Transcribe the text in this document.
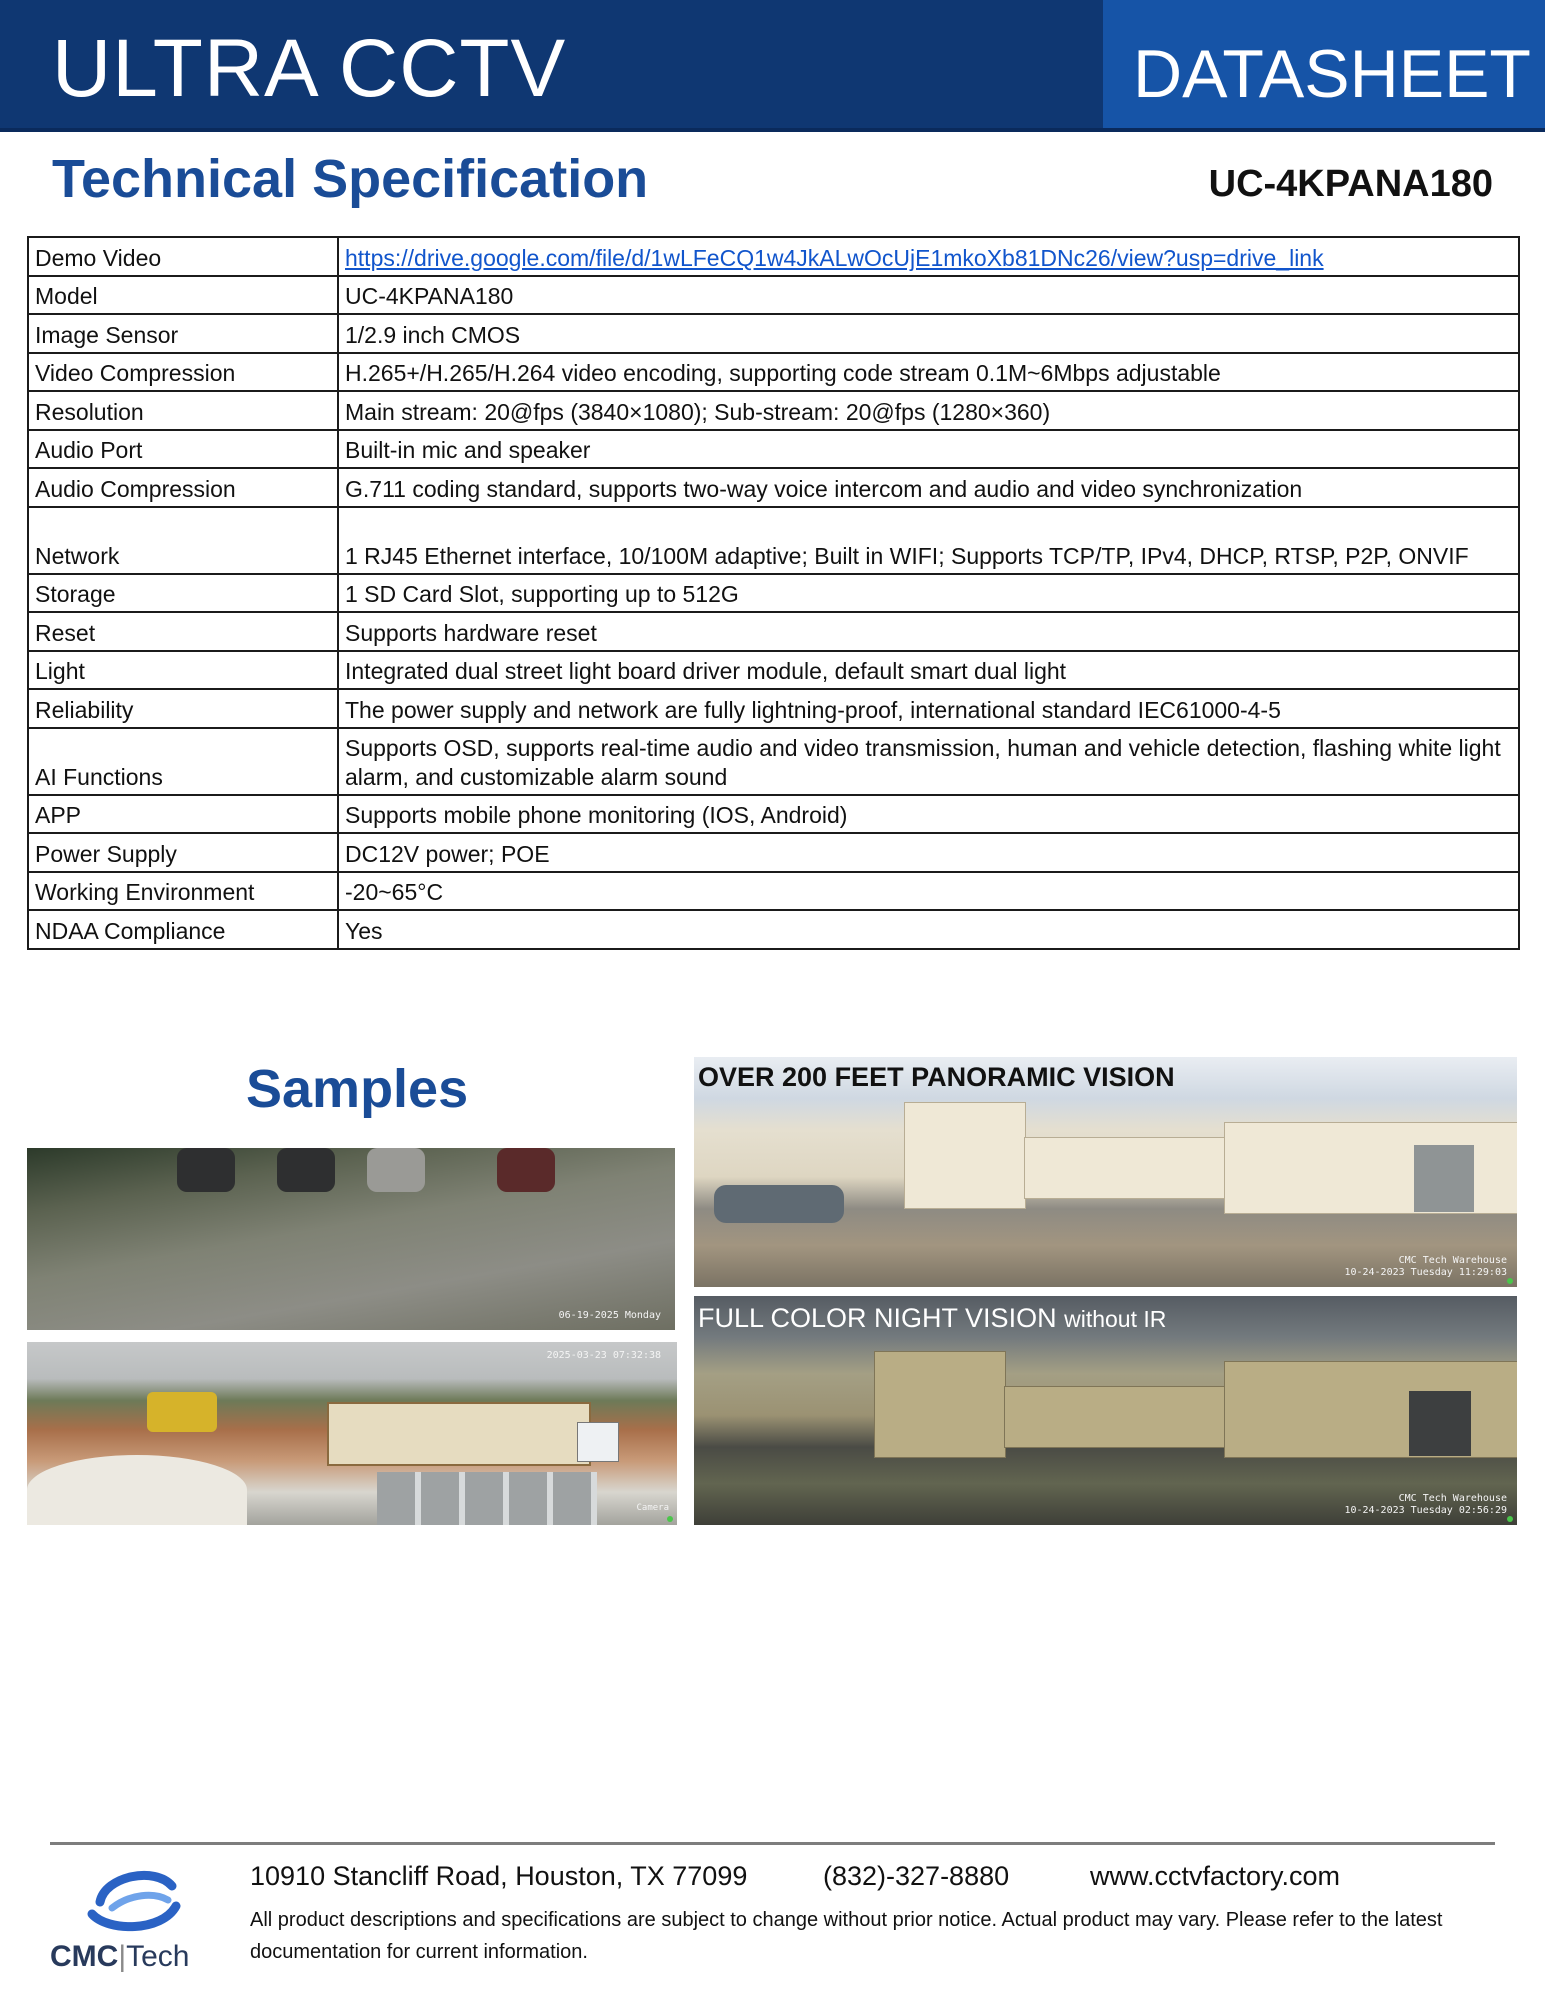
ULTRA CCTV	DATASHEET
Technical Specification	UC-4KPANA180
Demo Video	https://drive.google.com/file/d/1wLFeCQ1w4JkALwOcUjE1mkoXb81DNc26/view?usp=drive_link
Model	UC-4KPANA180
Image Sensor	1/2.9 inch CMOS
Video Compression	H.265+/H.265/H.264 video encoding, supporting code stream 0.1M~6Mbps adjustable
Resolution	Main stream: 20@fps (3840×1080); Sub-stream: 20@fps (1280×360)
Audio Port	Built-in mic and speaker
Audio Compression	G.711 coding standard, supports two-way voice intercom and audio and video synchronization
Network	1 RJ45 Ethernet interface, 10/100M adaptive; Built in WIFI; Supports TCP/TP, IPv4, DHCP, RTSP, P2P, ONVIF
Storage	1 SD Card Slot, supporting up to 512G
Reset	Supports hardware reset
Light	Integrated dual street light board driver module, default smart dual light
Reliability	The power supply and network are fully lightning-proof, international standard IEC61000-4-5
AI Functions	Supports OSD, supports real-time audio and video transmission, human and vehicle detection, flashing white light alarm, and customizable alarm sound
APP	Supports mobile phone monitoring (IOS, Android)
Power Supply	DC12V power; POE
Working Environment	-20~65°C
NDAA Compliance	Yes
Samples
06-19-2025 Monday
2025-03-23 07:32:38
Camera
OVER 200 FEET PANORAMIC VISION
CMC Tech Warehouse
10-24-2023 Tuesday 11:29:03
FULL COLOR NIGHT VISION without IR
CMC Tech Warehouse
10-24-2023 Tuesday 02:56:29
CMC|Tech
10910 Stancliff Road, Houston, TX 77099	(832)-327-8880	www.cctvfactory.com
All product descriptions and specifications are subject to change without prior notice. Actual product may vary. Please refer to the latest documentation for current information.
